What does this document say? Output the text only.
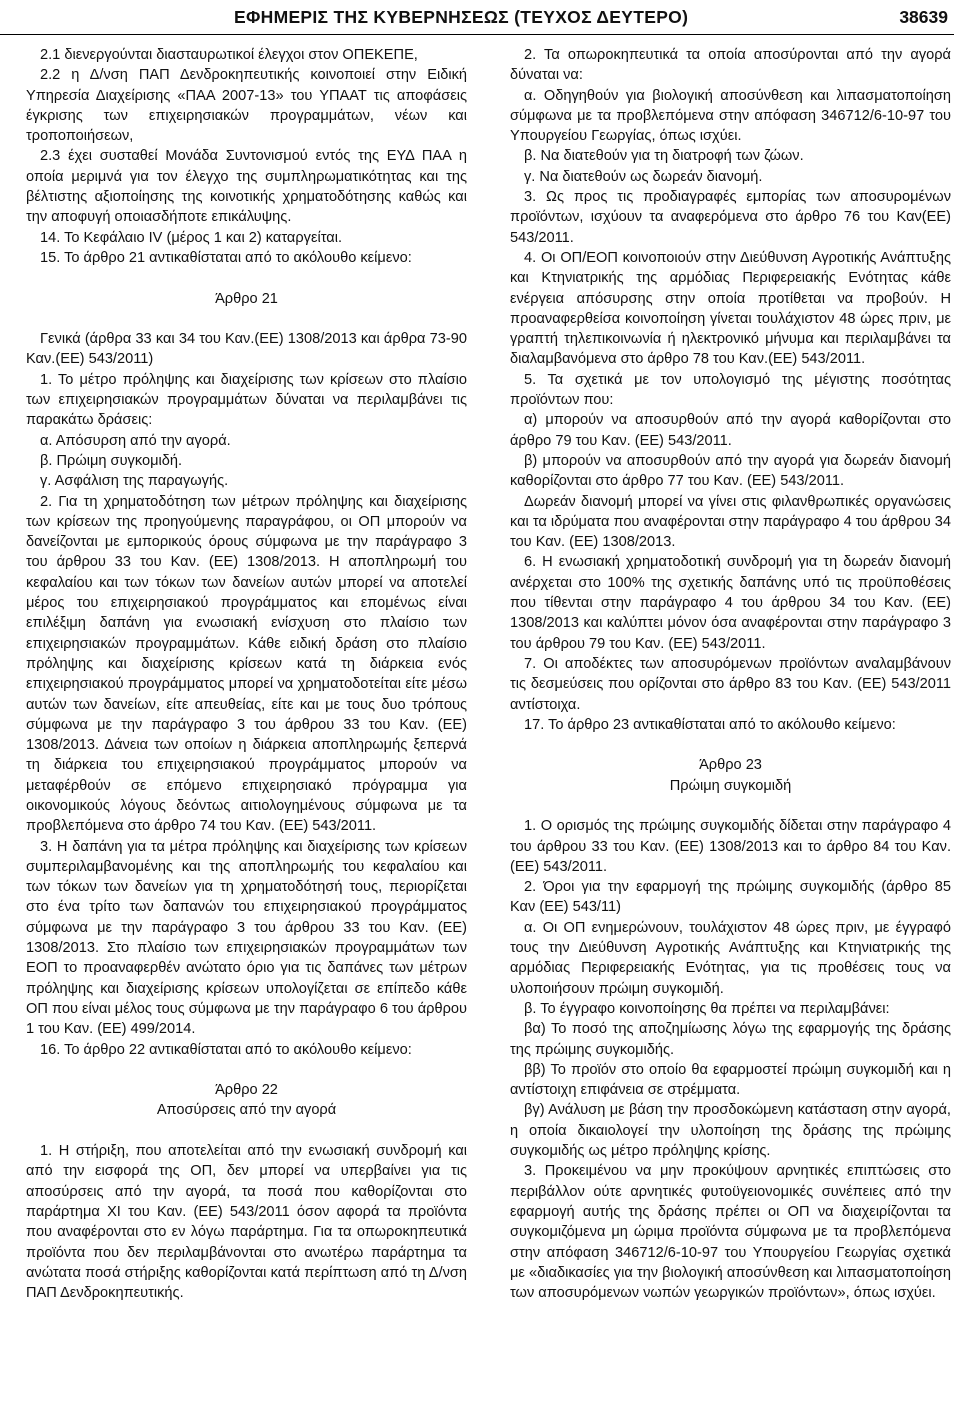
ΕΦΗΜΕΡΙΣ ΤΗΣ ΚΥΒΕΡΝΗΣΕΩΣ (ΤΕΥΧΟΣ ΔΕΥΤΕΡΟ)	38639

2.1 διενεργούνται διασταυρωτικοί έλεγχοι στον ΟΠΕΚΕΠΕ,

2.2 η Δ/νση ΠΑΠ Δενδροκηπευτικής κοινοποιεί στην Ειδική Υπηρεσία Διαχείρισης «ΠΑΑ 2007-13» του ΥΠΑΑΤ τις αποφάσεις έγκρισης των επιχειρησιακών προγραμμάτων, νέων και τροποποιήσεων,

2.3 έχει συσταθεί Μονάδα Συντονισμού εντός της ΕΥΔ ΠΑΑ η οποία μεριμνά για τον έλεγχο της συμπληρωματικότητας και της βέλτιστης αξιοποίησης της κοινοτικής χρηματοδότησης καθώς και την αποφυγή οποιασδήποτε επικάλυψης.

14. Το Κεφάλαιο IV (μέρος 1 και 2) καταργείται.

15. Το άρθρο 21 αντικαθίσταται από το ακόλουθο κείμενο:

Άρθρο 21

Γενικά (άρθρα 33 και 34 του Καν.(ΕΕ) 1308/2013 και άρθρα 73-90 Καν.(ΕΕ) 543/2011)

1. Το μέτρο πρόληψης και διαχείρισης των κρίσεων στο πλαίσιο των επιχειρησιακών προγραμμάτων δύναται να περιλαμβάνει τις παρακάτω δράσεις:

α. Απόσυρση από την αγορά.

β. Πρώιμη συγκομιδή.

γ. Ασφάλιση της παραγωγής.

2. Για τη χρηματοδότηση των μέτρων πρόληψης και διαχείρισης των κρίσεων της προηγούμενης παραγράφου, οι ΟΠ μπορούν να δανείζονται με εμπορικούς όρους σύμφωνα με την παράγραφο 3 του άρθρου 33 του Καν. (ΕΕ) 1308/2013. Η αποπληρωμή του κεφαλαίου και των τόκων των δανείων αυτών μπορεί να αποτελεί μέρος του επιχειρησιακού προγράμματος και επομένως είναι επιλέξιμη δαπάνη για ενωσιακή ενίσχυση στο πλαίσιο των επιχειρησιακών προγραμμάτων. Κάθε ειδική δράση στο πλαίσιο πρόληψης και διαχείρισης κρίσεων κατά τη διάρκεια ενός επιχειρησιακού προγράμματος μπορεί να χρηματοδοτείται είτε μέσω αυτών των δανείων, είτε απευθείας, είτε και με τους δυο τρόπους σύμφωνα με την παράγραφο 3 του άρθρου 33 του Καν. (ΕΕ) 1308/2013. Δάνεια των οποίων η διάρκεια αποπληρωμής ξεπερνά τη διάρκεια του επιχειρησιακού προγράμματος μπορούν να μεταφέρθούν σε επόμενο επιχειρησιακό πρόγραμμα για οικονομικούς λόγους δεόντως αιτιολογημένους σύμφωνα με τα προβλεπόμενα στο άρθρο 74 του Καν. (ΕΕ) 543/2011.

3. Η δαπάνη για τα μέτρα πρόληψης και διαχείρισης των κρίσεων συμπεριλαμβανομένης και της αποπληρωμής του κεφαλαίου και των τόκων των δανείων για τη χρηματοδότησή τους, περιορίζεται στο ένα τρίτο των δαπανών του επιχειρησιακού προγράμματος σύμφωνα με την παράγραφο 3 του άρθρου 33 του Καν. (ΕΕ) 1308/2013. Στο πλαίσιο των επιχειρησιακών προγραμμάτων των ΕΟΠ το προαναφερθέν ανώτατο όριο για τις δαπάνες των μέτρων πρόληψης και διαχείρισης κρίσεων υπολογίζεται σε επίπεδο κάθε ΟΠ που είναι μέλος τους σύμφωνα με την παράγραφο 6 του άρθρου 1 του Καν. (ΕΕ) 499/2014.

16. Το άρθρο 22 αντικαθίσταται από το ακόλουθο κείμενο:

Άρθρο 22

Αποσύρσεις από την αγορά

1. Η στήριξη, που αποτελείται από την ενωσιακή συνδρομή και από την εισφορά της ΟΠ, δεν μπορεί να υπερβαίνει για τις αποσύρσεις από την αγορά, τα ποσά που καθορίζονται στο παράρτημα XI του Καν. (ΕΕ) 543/2011 όσον αφορά τα προϊόντα που αναφέρονται στο εν λόγω παράρτημα. Για τα οπωροκηπευτικά προϊόντα που δεν περιλαμβάνονται στο ανωτέρω παράρτημα τα ανώτατα ποσά στήριξης καθορίζονται κατά περίπτωση από τη Δ/νση ΠΑΠ Δενδροκηπευτικής.

2. Τα οπωροκηπευτικά τα οποία αποσύρονται από την αγορά δύναται να:

α. Οδηγηθούν για βιολογική αποσύνθεση και λιπασματοποίηση σύμφωνα με τα προβλεπόμενα στην απόφαση 346712/6-10-97 του Υπουργείου Γεωργίας, όπως ισχύει.

β. Να διατεθούν για τη διατροφή των ζώων.

γ. Να διατεθούν ως δωρεάν διανομή.

3. Ως προς τις προδιαγραφές εμπορίας των αποσυρομένων προϊόντων, ισχύουν τα αναφερόμενα στο άρθρο 76 του Καν(ΕΕ) 543/2011.

4. Οι ΟΠ/ΕΟΠ κοινοποιούν στην Διεύθυνση Αγροτικής Ανάπτυξης και Κτηνιατρικής της αρμόδιας Περιφερειακής Ενότητας κάθε ενέργεια απόσυρσης στην οποία προτίθεται να προβούν. Η προαναφερθείσα κοινοποίηση γίνεται τουλάχιστον 48 ώρες πριν, με γραπτή τηλεπικοινωνία ή ηλεκτρονικό μήνυμα και περιλαμβάνει τα διαλαμβανόμενα στο άρθρο 78 του Καν.(ΕΕ) 543/2011.

5. Τα σχετικά με τον υπολογισμό της μέγιστης ποσότητας προϊόντων που:

α) μπορούν να αποσυρθούν από την αγορά καθορίζονται στο άρθρο 79 του Καν. (ΕΕ) 543/2011.

β) μπορούν να αποσυρθούν από την αγορά για δωρεάν διανομή καθορίζονται στο άρθρο 77 του Καν. (ΕΕ) 543/2011.

Δωρεάν διανομή μπορεί να γίνει στις φιλανθρωπικές οργανώσεις και τα ιδρύματα που αναφέρονται στην παράγραφο 4 του άρθρου 34 του Καν. (ΕΕ) 1308/2013.

6. Η ενωσιακή χρηματοδοτική συνδρομή για τη δωρεάν διανομή ανέρχεται στο 100% της σχετικής δαπάνης υπό τις προϋποθέσεις που τίθενται στην παράγραφο 4 του άρθρου 34 του Καν. (ΕΕ) 1308/2013 και καλύπτει μόνον όσα αναφέρονται στην παράγραφο 3 του άρθρου 79 του Καν. (ΕΕ) 543/2011.

7. Οι αποδέκτες των αποσυρόμενων προϊόντων αναλαμβάνουν τις δεσμεύσεις που ορίζονται στο άρθρο 83 του Καν. (ΕΕ) 543/2011 αντίστοιχα.

17. Το άρθρο 23 αντικαθίσταται από το ακόλουθο κείμενο:

Άρθρο 23

Πρώιμη συγκομιδή

1. Ο ορισμός της πρώιμης συγκομιδής δίδεται στην παράγραφο 4 του άρθρου 33 του Καν. (ΕΕ) 1308/2013 και το άρθρο 84 του Καν.(ΕΕ) 543/2011.

2. Όροι για την εφαρμογή της πρώιμης συγκομιδής (άρθρο 85 Καν (ΕΕ) 543/11)

α. Οι ΟΠ ενημερώνουν, τουλάχιστον 48 ώρες πριν, με έγγραφό τους την Διεύθυνση Αγροτικής Ανάπτυξης και Κτηνιατρικής της αρμόδιας Περιφερειακής Ενότητας, για τις προθέσεις τους να υλοποιήσουν πρώιμη συγκομιδή.

β. Το έγγραφο κοινοποίησης θα πρέπει να περιλαμβάνει:

βα) Το ποσό της αποζημίωσης λόγω της εφαρμογής της δράσης της πρώιμης συγκομιδής.

ββ) Το προϊόν στο οποίο θα εφαρμοστεί πρώιμη συγκομιδή και η αντίστοιχη επιφάνεια σε στρέμματα.

βγ) Ανάλυση με βάση την προσδοκώμενη κατάσταση στην αγορά, η οποία δικαιολογεί την υλοποίηση της δράσης της πρώιμης συγκομιδής ως μέτρο πρόληψης κρίσης.

3. Προκειμένου να μην προκύψουν αρνητικές επιπτώσεις στο περιβάλλον ούτε αρνητικές φυτοϋγειονομικές συνέπειες από την εφαρμογή αυτής της δράσης πρέπει οι ΟΠ να διαχειρίζονται τα συγκομιζόμενα μη ώριμα προϊόντα σύμφωνα με τα προβλεπόμενα στην απόφαση 346712/6-10-97 του Υπουργείου Γεωργίας σχετικά με «διαδικασίες για την βιολογική αποσύνθεση και λιπασματοποίηση των αποσυρόμενων νωπών γεωργικών προϊόντων», όπως ισχύει.
